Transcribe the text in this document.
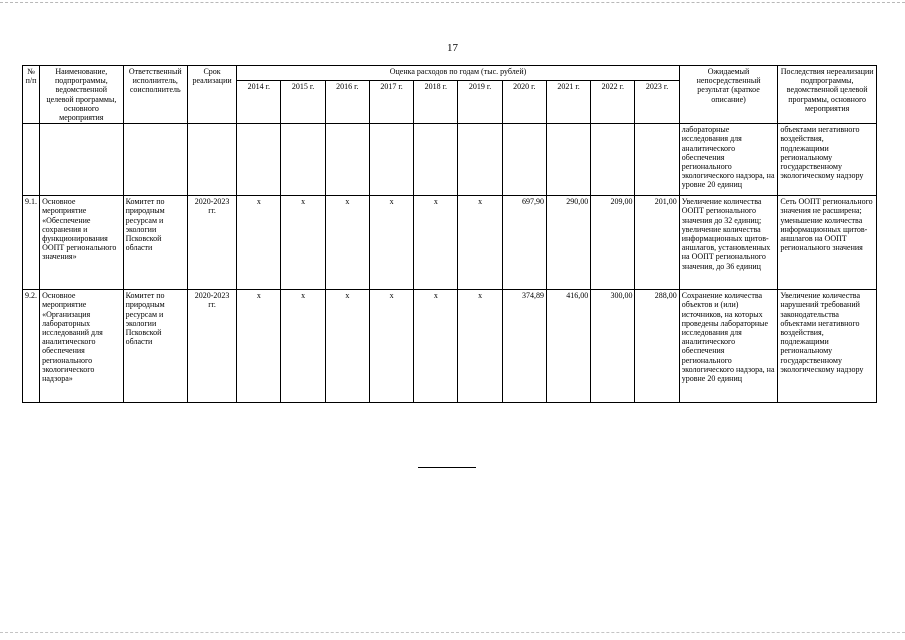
17
№ п/п	Наименование, подпрограммы, ведомственной целевой программы, основного мероприятия	Ответственный исполнитель, соисполнитель	Срок реализации	Оценка расходов по годам (тыс. рублей)										Ожидаемый непосредственный результат (краткое описание)	Последствия нереализации подпрограммы, ведомственной целевой программы, основного мероприятия
				2014 г.	2015 г.	2016 г.	2017 г.	2018 г.	2019 г.	2020 г.	2021 г.	2022 г.	2023 г.		
														лабораторные исследования для аналитического обеспечения регионального экологического надзора, на уровне 20 единиц	объектами негативного воздействия, подлежащими региональному государственному экологическому надзору
9.1.	Основное мероприятие «Обеспечение сохранения и функционирования ООПТ регионального значения»	Комитет по природным ресурсам и экологии Псковской области	2020-2023 гг.	x	x	x	x	x	x	697,90	290,00	209,00	201,00	Увеличение количества ООПТ регионального значения до 32 единиц; увеличение количества информационных щитов-аншлагов, установленных на ООПТ регионального значения, до 36 единиц	Сеть ООПТ регионального значения не расширена; уменьшение количества информационных щитов-аншлагов на ООПТ регионального значения
9.2.	Основное мероприятие «Организация лабораторных исследований для аналитического обеспечения регионального экологического надзора»	Комитет по природным ресурсам и экологии Псковской области	2020-2023 гг.	x	x	x	x	x	x	374,89	416,00	300,00	288,00	Сохранение количества объектов и (или) источников, на которых проведены лабораторные исследования для аналитического обеспечения регионального экологического надзора, на уровне 20 единиц	Увеличение количества нарушений требований законодательства объектами негативного воздействия, подлежащими региональному государственному экологическому надзору
